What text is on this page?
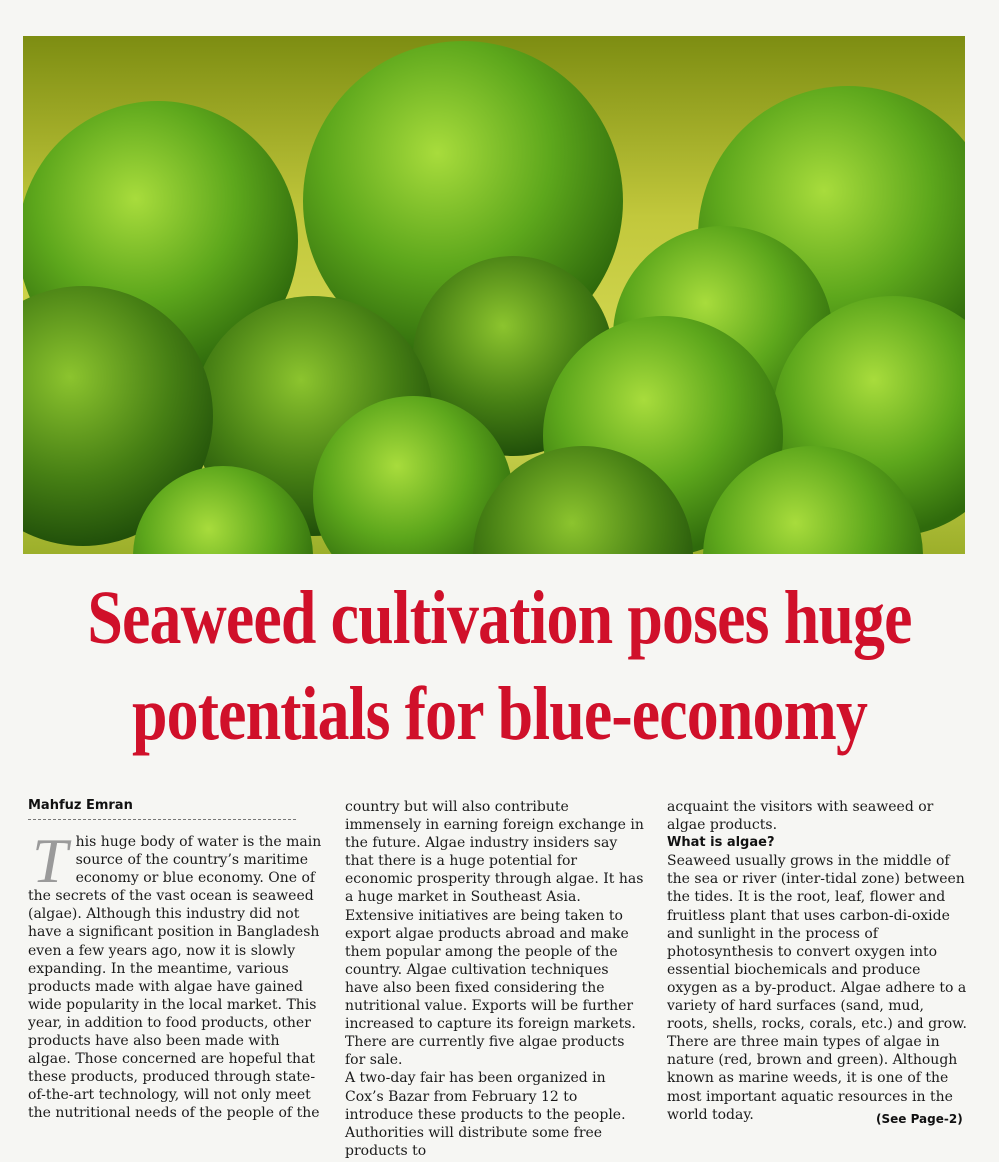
Seaweed cultivation poses huge
potentials for blue-economy
Mahfuz Emran
T his huge body of water is the main source of the country’s maritime economy or blue economy. One of the secrets of the vast ocean is seaweed (algae). Although this industry did not have a significant position in Bangladesh even a few years ago, now it is slowly expanding. In the meantime, various products made with algae have gained wide popularity in the local market. This year, in addition to food products, other products have also been made with algae. Those concerned are hopeful that these products, produced through state-of-the-art technology, will not only meet the nutritional needs of the people of the

country but will also contribute immensely in earning foreign exchange in the future. Algae industry insiders say that there is a huge potential for economic prosperity through algae. It has a huge market in Southeast Asia. Extensive initiatives are being taken to export algae products abroad and make them popular among the people of the country. Algae cultivation techniques have also been fixed considering the nutritional value. Exports will be further increased to capture its foreign markets. There are currently five algae products for sale.

A two-day fair has been organized in Cox’s Bazar from February 12 to introduce these products to the people. Authorities will distribute some free products to

acquaint the visitors with seaweed or algae products.

What is algae?

Seaweed usually grows in the middle of the sea or river (inter-tidal zone) between the tides. It is the root, leaf, flower and fruitless plant that uses carbon-di-oxide and sunlight in the process of photosynthesis to convert oxygen into essential biochemicals and produce oxygen as a by-product. Algae adhere to a variety of hard surfaces (sand, mud, roots, shells, rocks, corals, etc.) and grow.

There are three main types of algae in nature (red, brown and green). Although known as marine weeds, it is one of the most important aquatic resources in the world today.	(See Page-2)
